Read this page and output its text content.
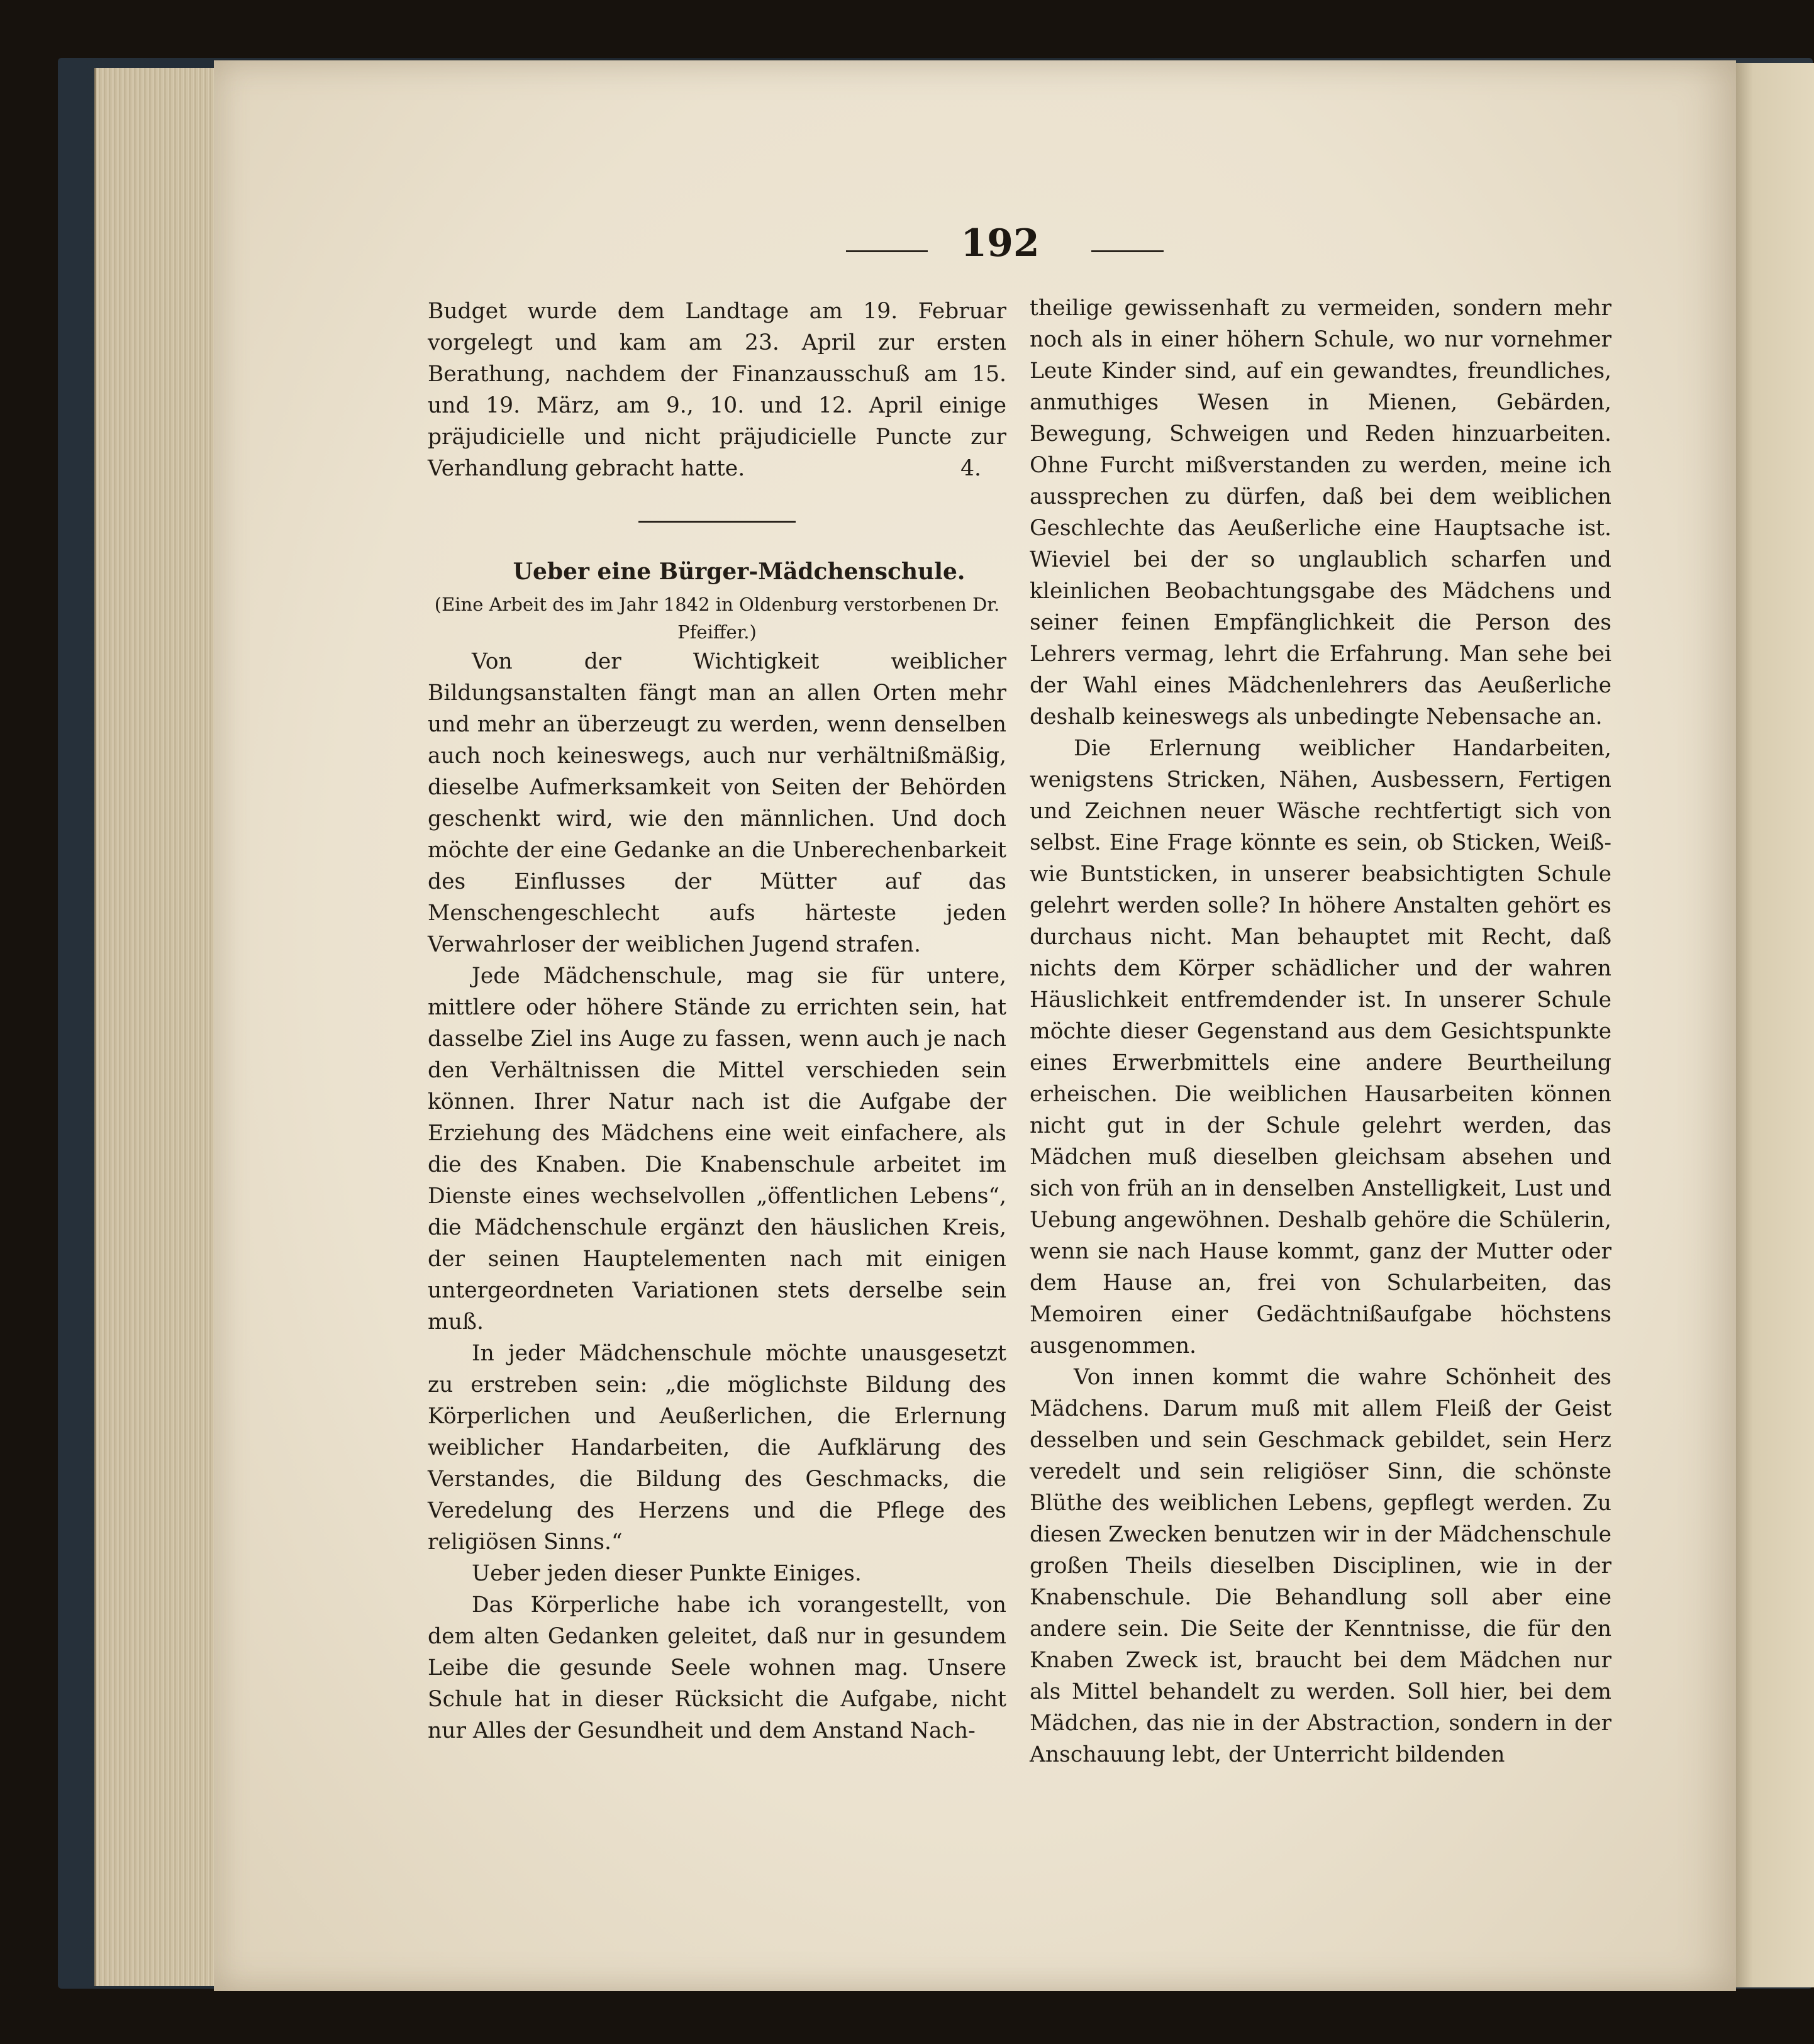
192

Budget wurde dem Landtage am 19. Februar vorgelegt und kam am 23. April zur ersten Berathung, nachdem der Finanzausschuß am 15. und 19. März, am 9., 10. und 12. April einige präjudicielle und nicht präjudicielle Puncte zur Verhandlung gebracht hatte.	4.

Ueber eine Bürger-Mädchenschule.

(Eine Arbeit des im Jahr 1842 in Oldenburg verstorbenen Dr. Pfeiffer.)

Von der Wichtigkeit weiblicher Bildungsanstalten fängt man an allen Orten mehr und mehr an überzeugt zu werden, wenn denselben auch noch keineswegs, auch nur verhältnißmäßig, dieselbe Aufmerksamkeit von Seiten der Behörden geschenkt wird, wie den männlichen. Und doch möchte der eine Gedanke an die Unberechenbarkeit des Einflusses der Mütter auf das Menschengeschlecht aufs härteste jeden Verwahrloser der weiblichen Jugend strafen.

Jede Mädchenschule, mag sie für untere, mittlere oder höhere Stände zu errichten sein, hat dasselbe Ziel ins Auge zu fassen, wenn auch je nach den Verhältnissen die Mittel verschieden sein können. Ihrer Natur nach ist die Aufgabe der Erziehung des Mädchens eine weit einfachere, als die des Knaben. Die Knabenschule arbeitet im Dienste eines wechselvollen „öffentlichen Lebens“, die Mädchenschule ergänzt den häuslichen Kreis, der seinen Hauptelementen nach mit einigen untergeordneten Variationen stets derselbe sein muß.

In jeder Mädchenschule möchte unausgesetzt zu erstreben sein: „die möglichste Bildung des Körperlichen und Aeußerlichen, die Erlernung weiblicher Handarbeiten, die Aufklärung des Verstandes, die Bildung des Geschmacks, die Veredelung des Herzens und die Pflege des religiösen Sinns.“

Ueber jeden dieser Punkte Einiges.

Das Körperliche habe ich vorangestellt, von dem alten Gedanken geleitet, daß nur in gesundem Leibe die gesunde Seele wohnen mag. Unsere Schule hat in dieser Rücksicht die Aufgabe, nicht nur Alles der Gesundheit und dem Anstand Nach-

theilige gewissenhaft zu vermeiden, sondern mehr noch als in einer höhern Schule, wo nur vornehmer Leute Kinder sind, auf ein gewandtes, freundliches, anmuthiges Wesen in Mienen, Gebärden, Bewegung, Schweigen und Reden hinzuarbeiten. Ohne Furcht mißverstanden zu werden, meine ich aussprechen zu dürfen, daß bei dem weiblichen Geschlechte das Aeußerliche eine Hauptsache ist. Wieviel bei der so unglaublich scharfen und kleinlichen Beobachtungsgabe des Mädchens und seiner feinen Empfänglichkeit die Person des Lehrers vermag, lehrt die Erfahrung. Man sehe bei der Wahl eines Mädchenlehrers das Aeußerliche deshalb keineswegs als unbedingte Nebensache an.

Die Erlernung weiblicher Handarbeiten, wenigstens Stricken, Nähen, Ausbessern, Fertigen und Zeichnen neuer Wäsche rechtfertigt sich von selbst. Eine Frage könnte es sein, ob Sticken, Weiß- wie Buntsticken, in unserer beabsichtigten Schule gelehrt werden solle? In höhere Anstalten gehört es durchaus nicht. Man behauptet mit Recht, daß nichts dem Körper schädlicher und der wahren Häuslichkeit entfremdender ist. In unserer Schule möchte dieser Gegenstand aus dem Gesichtspunkte eines Erwerbmittels eine andere Beurtheilung erheischen. Die weiblichen Hausarbeiten können nicht gut in der Schule gelehrt werden, das Mädchen muß dieselben gleichsam absehen und sich von früh an in denselben Anstelligkeit, Lust und Uebung angewöhnen. Deshalb gehöre die Schülerin, wenn sie nach Hause kommt, ganz der Mutter oder dem Hause an, frei von Schularbeiten, das Memoiren einer Gedächtnißaufgabe höchstens ausgenommen.

Von innen kommt die wahre Schönheit des Mädchens. Darum muß mit allem Fleiß der Geist desselben und sein Geschmack gebildet, sein Herz veredelt und sein religiöser Sinn, die schönste Blüthe des weiblichen Lebens, gepflegt werden. Zu diesen Zwecken benutzen wir in der Mädchenschule großen Theils dieselben Disciplinen, wie in der Knabenschule. Die Behandlung soll aber eine andere sein. Die Seite der Kenntnisse, die für den Knaben Zweck ist, braucht bei dem Mädchen nur als Mittel behandelt zu werden. Soll hier, bei dem Mädchen, das nie in der Abstraction, sondern in der Anschauung lebt, der Unterricht bildenden
